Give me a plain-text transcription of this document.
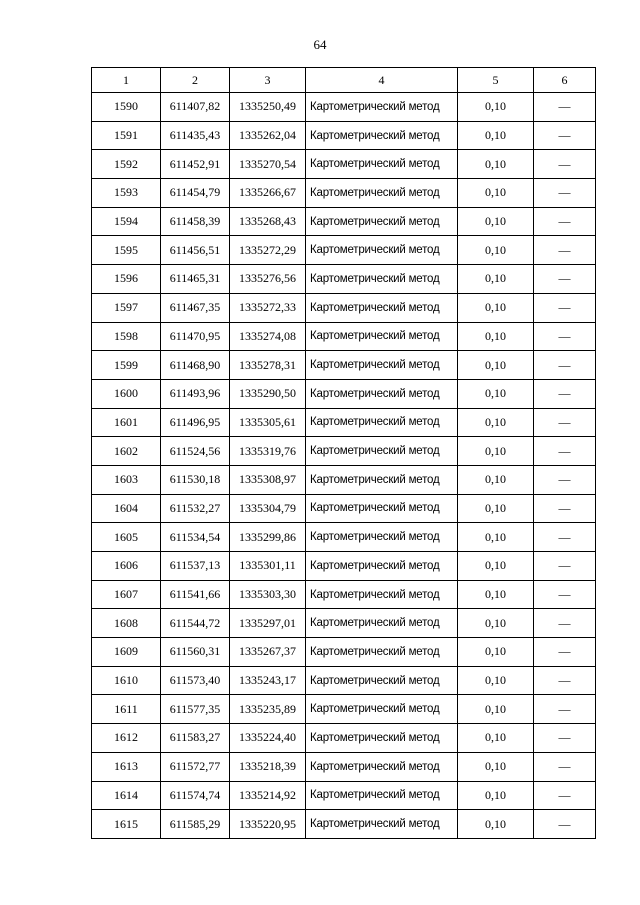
64
1	2	3	4	5	6
1590	611407,82	1335250,49	Картометрический метод	0,10	—
1591	611435,43	1335262,04	Картометрический метод	0,10	—
1592	611452,91	1335270,54	Картометрический метод	0,10	—
1593	611454,79	1335266,67	Картометрический метод	0,10	—
1594	611458,39	1335268,43	Картометрический метод	0,10	—
1595	611456,51	1335272,29	Картометрический метод	0,10	—
1596	611465,31	1335276,56	Картометрический метод	0,10	—
1597	611467,35	1335272,33	Картометрический метод	0,10	—
1598	611470,95	1335274,08	Картометрический метод	0,10	—
1599	611468,90	1335278,31	Картометрический метод	0,10	—
1600	611493,96	1335290,50	Картометрический метод	0,10	—
1601	611496,95	1335305,61	Картометрический метод	0,10	—
1602	611524,56	1335319,76	Картометрический метод	0,10	—
1603	611530,18	1335308,97	Картометрический метод	0,10	—
1604	611532,27	1335304,79	Картометрический метод	0,10	—
1605	611534,54	1335299,86	Картометрический метод	0,10	—
1606	611537,13	1335301,11	Картометрический метод	0,10	—
1607	611541,66	1335303,30	Картометрический метод	0,10	—
1608	611544,72	1335297,01	Картометрический метод	0,10	—
1609	611560,31	1335267,37	Картометрический метод	0,10	—
1610	611573,40	1335243,17	Картометрический метод	0,10	—
1611	611577,35	1335235,89	Картометрический метод	0,10	—
1612	611583,27	1335224,40	Картометрический метод	0,10	—
1613	611572,77	1335218,39	Картометрический метод	0,10	—
1614	611574,74	1335214,92	Картометрический метод	0,10	—
1615	611585,29	1335220,95	Картометрический метод	0,10	—
